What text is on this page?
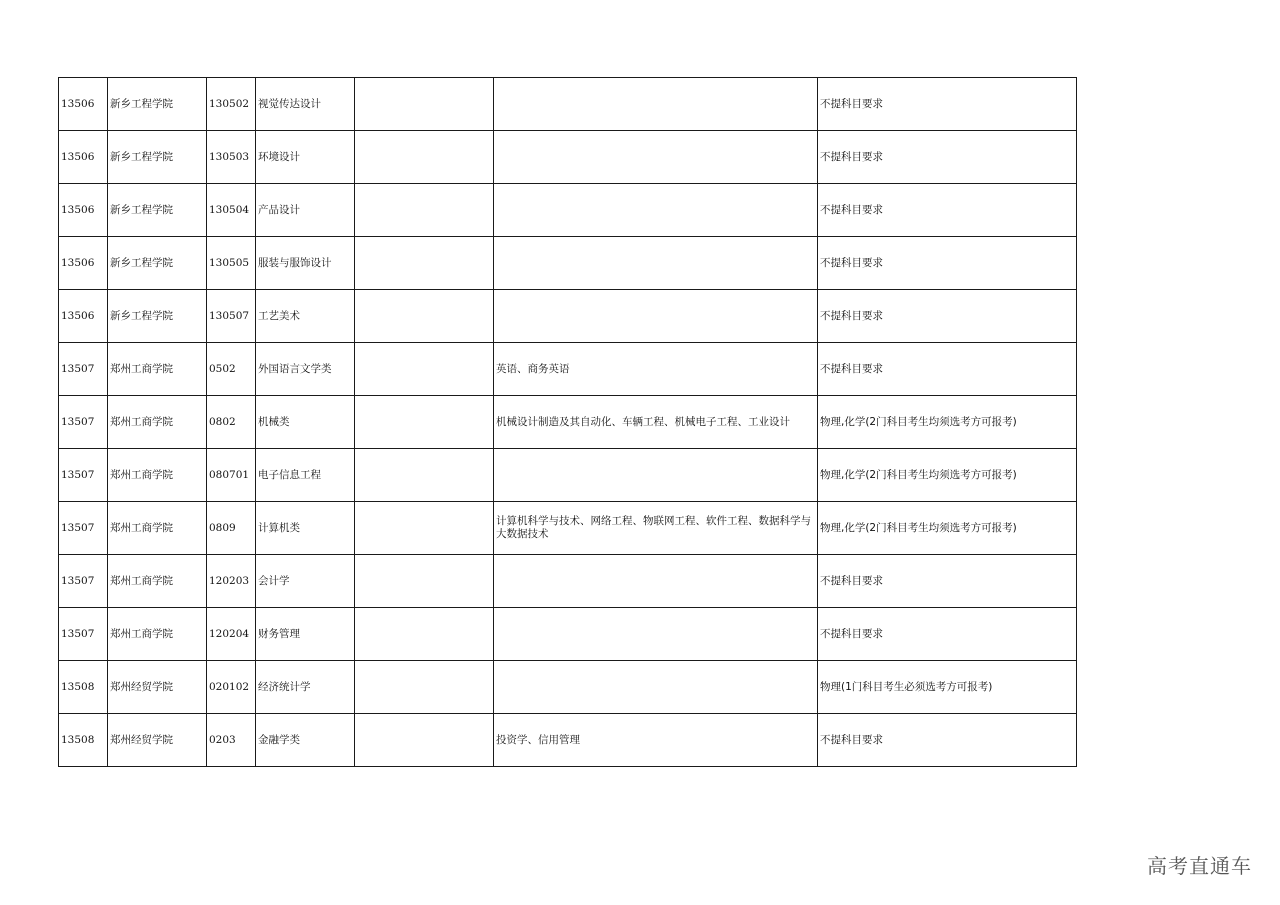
13506	新乡工程学院	130502	视觉传达设计			不提科目要求
13506	新乡工程学院	130503	环境设计			不提科目要求
13506	新乡工程学院	130504	产品设计			不提科目要求
13506	新乡工程学院	130505	服装与服饰设计			不提科目要求
13506	新乡工程学院	130507	工艺美术			不提科目要求
13507	郑州工商学院	0502	外国语言文学类		英语、商务英语	不提科目要求
13507	郑州工商学院	0802	机械类		机械设计制造及其自动化、车辆工程、机械电子工程、工业设计	物理,化学(2门科目考生均须选考方可报考)
13507	郑州工商学院	080701	电子信息工程			物理,化学(2门科目考生均须选考方可报考)
13507	郑州工商学院	0809	计算机类		计算机科学与技术、网络工程、物联网工程、软件工程、数据科学与大数据技术	物理,化学(2门科目考生均须选考方可报考)
13507	郑州工商学院	120203	会计学			不提科目要求
13507	郑州工商学院	120204	财务管理			不提科目要求
13508	郑州经贸学院	020102	经济统计学			物理(1门科目考生必须选考方可报考)
13508	郑州经贸学院	0203	金融学类		投资学、信用管理	不提科目要求
高考直通车
